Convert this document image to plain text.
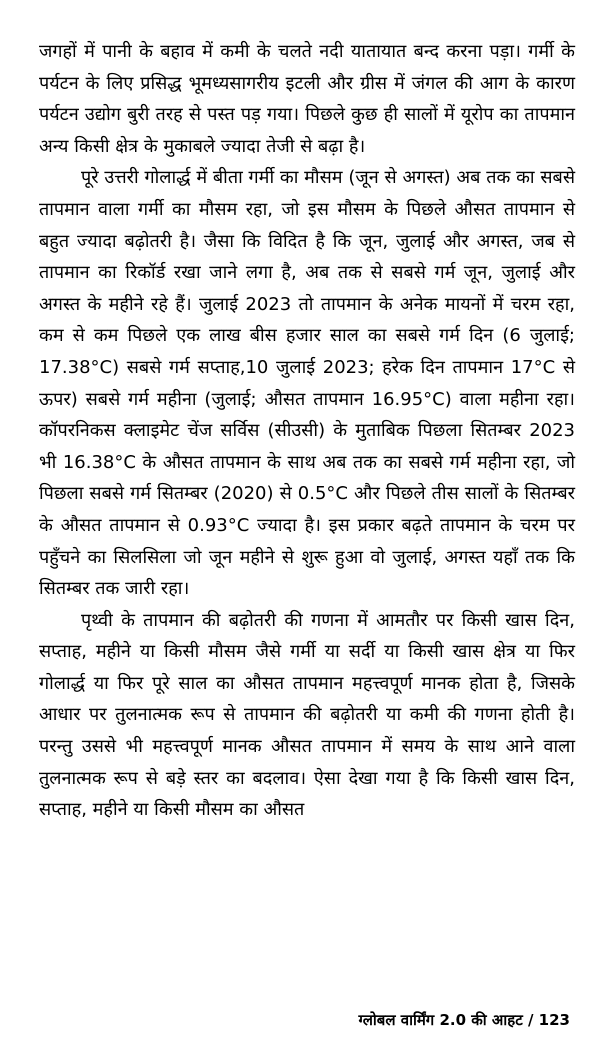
जगहों में पानी के बहाव में कमी के चलते नदी यातायात बन्द करना पड़ा। गर्मी के पर्यटन के लिए प्रसिद्ध भूमध्यसागरीय इटली और ग्रीस में जंगल की आग के कारण पर्यटन उद्योग बुरी तरह से पस्त पड़ गया। पिछले कुछ ही सालों में यूरोप का तापमान अन्य किसी क्षेत्र के मुकाबले ज्यादा तेजी से बढ़ा है।

पूरे उत्तरी गोलार्द्ध में बीता गर्मी का मौसम (जून से अगस्त) अब तक का सबसे तापमान वाला गर्मी का मौसम रहा, जो इस मौसम के पिछले औसत तापमान से बहुत ज्यादा बढ़ोतरी है। जैसा कि विदित है कि जून, जुलाई और अगस्त, जब से तापमान का रिकॉर्ड रखा जाने लगा है, अब तक से सबसे गर्म जून, जुलाई और अगस्त के महीने रहे हैं। जुलाई 2023 तो तापमान के अनेक मायनों में चरम रहा, कम से कम पिछले एक लाख बीस हजार साल का सबसे गर्म दिन (6 जुलाई; 17.38°C) सबसे गर्म सप्ताह,10 जुलाई 2023; हरेक दिन तापमान 17°C से ऊपर) सबसे गर्म महीना (जुलाई; औसत तापमान 16.95°C) वाला महीना रहा। कॉपरनिकस क्लाइमेट चेंज सर्विस (सीउसी) के मुताबिक पिछला सितम्बर 2023 भी 16.38°C के औसत तापमान के साथ अब तक का सबसे गर्म महीना रहा, जो पिछला सबसे गर्म सितम्बर (2020) से 0.5°C और पिछले तीस सालों के सितम्बर के औसत तापमान से 0.93°C ज्यादा है। इस प्रकार बढ़ते तापमान के चरम पर पहुँचने का सिलसिला जो जून महीने से शुरू हुआ वो जुलाई, अगस्त यहाँ तक कि सितम्बर तक जारी रहा।

पृथ्वी के तापमान की बढ़ोतरी की गणना में आमतौर पर किसी खास दिन, सप्ताह, महीने या किसी मौसम जैसे गर्मी या सर्दी या किसी खास क्षेत्र या फिर गोलार्द्ध या फिर पूरे साल का औसत तापमान महत्त्वपूर्ण मानक होता है, जिसके आधार पर तुलनात्मक रूप से तापमान की बढ़ोतरी या कमी की गणना होती है। परन्तु उससे भी महत्त्वपूर्ण मानक औसत तापमान में समय के साथ आने वाला तुलनात्मक रूप से बड़े स्तर का बदलाव। ऐसा देखा गया है कि किसी खास दिन, सप्ताह, महीने या किसी मौसम का औसत

ग्लोबल वार्मिंग 2.0 की आहट / 123
